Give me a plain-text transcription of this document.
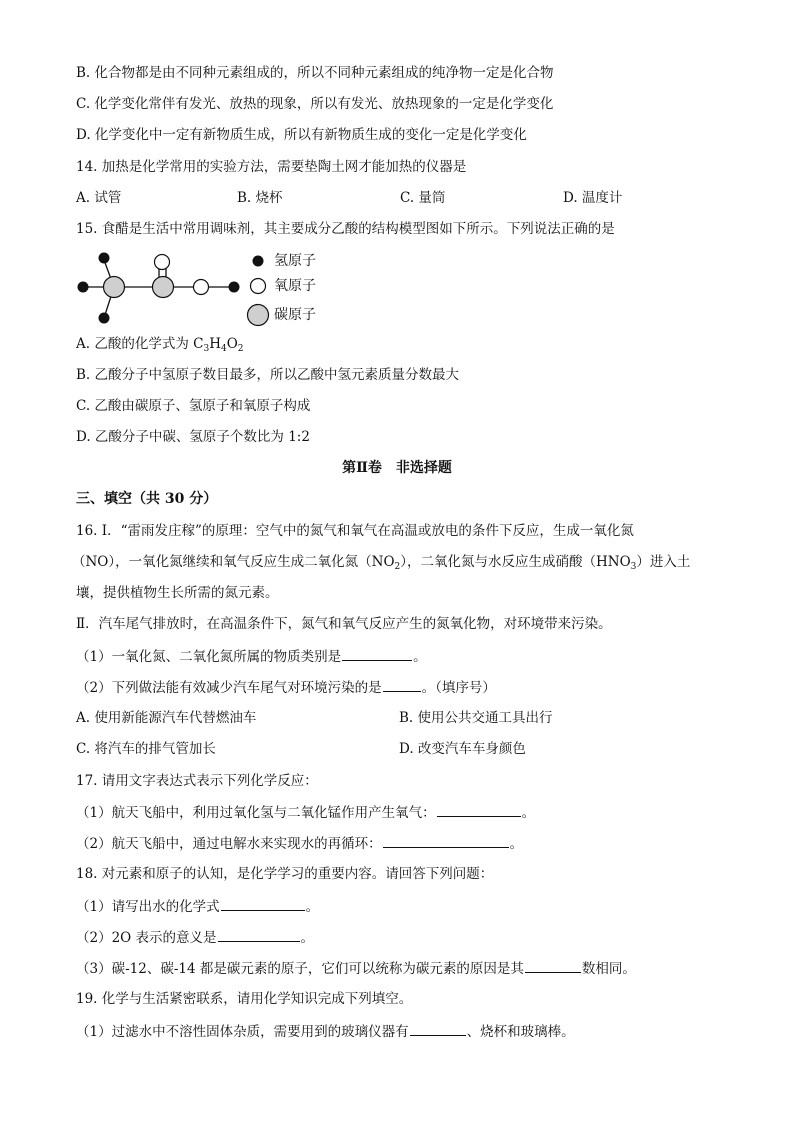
B. 化合物都是由不同种元素组成的，所以不同种元素组成的纯净物一定是化合物
C. 化学变化常伴有发光、放热的现象，所以有发光、放热现象的一定是化学变化
D. 化学变化中一定有新物质生成，所以有新物质生成的变化一定是化学变化
14. 加热是化学常用的实验方法，需要垫陶土网才能加热的仪器是
A. 试管	B. 烧杯	C. 量筒	D. 温度计
15. 食醋是生活中常用调味剂，其主要成分乙酸的结构模型图如下所示。下列说法正确的是
氢原子
氧原子
碳原子
A. 乙酸的化学式为 $C_3H_4O_2$
B. 乙酸分子中氢原子数目最多，所以乙酸中氢元素质量分数最大
C. 乙酸由碳原子、氢原子和氧原子构成
D. 乙酸分子中碳、氢原子个数比为 1:2
第Ⅱ卷　非选择题
三、填空（共 30 分）
16. Ⅰ．“雷雨发庄稼”的原理：空气中的氮气和氧气在高温或放电的条件下反应，生成一氧化氮
（NO），一氧化氮继续和氧气反应生成二氧化氮$(NO_2)$，二氧化氮与水反应生成硝酸$(HNO_3)$进入土
壤，提供植物生长所需的氮元素。
Ⅱ．汽车尾气排放时，在高温条件下，氮气和氧气反应产生的氮氧化物，对环境带来污染。
（1）一氧化氮、二氧化氮所属的物质类别是	。
（2）下列做法能有效减少汽车尾气对环境污染的是	。（填序号）
A. 使用新能源汽车代替燃油车	B. 使用公共交通工具出行
C. 将汽车的排气管加长	D. 改变汽车车身颜色
17. 请用文字表达式表示下列化学反应：
（1）航天飞船中，利用过氧化氢与二氧化锰作用产生氧气：	。
（2）航天飞船中，通过电解水来实现水的再循环：	。
18. 对元素和原子的认知，是化学学习的重要内容。请回答下列问题：
（1）请写出水的化学式	。
（2）2O 表示的意义是	。
（3）碳-12、碳-14 都是碳元素的原子，它们可以统称为碳元素的原因是其	数相同。
19. 化学与生活紧密联系，请用化学知识完成下列填空。
（1）过滤水中不溶性固体杂质，需要用到的玻璃仪器有	、烧杯和玻璃棒。
